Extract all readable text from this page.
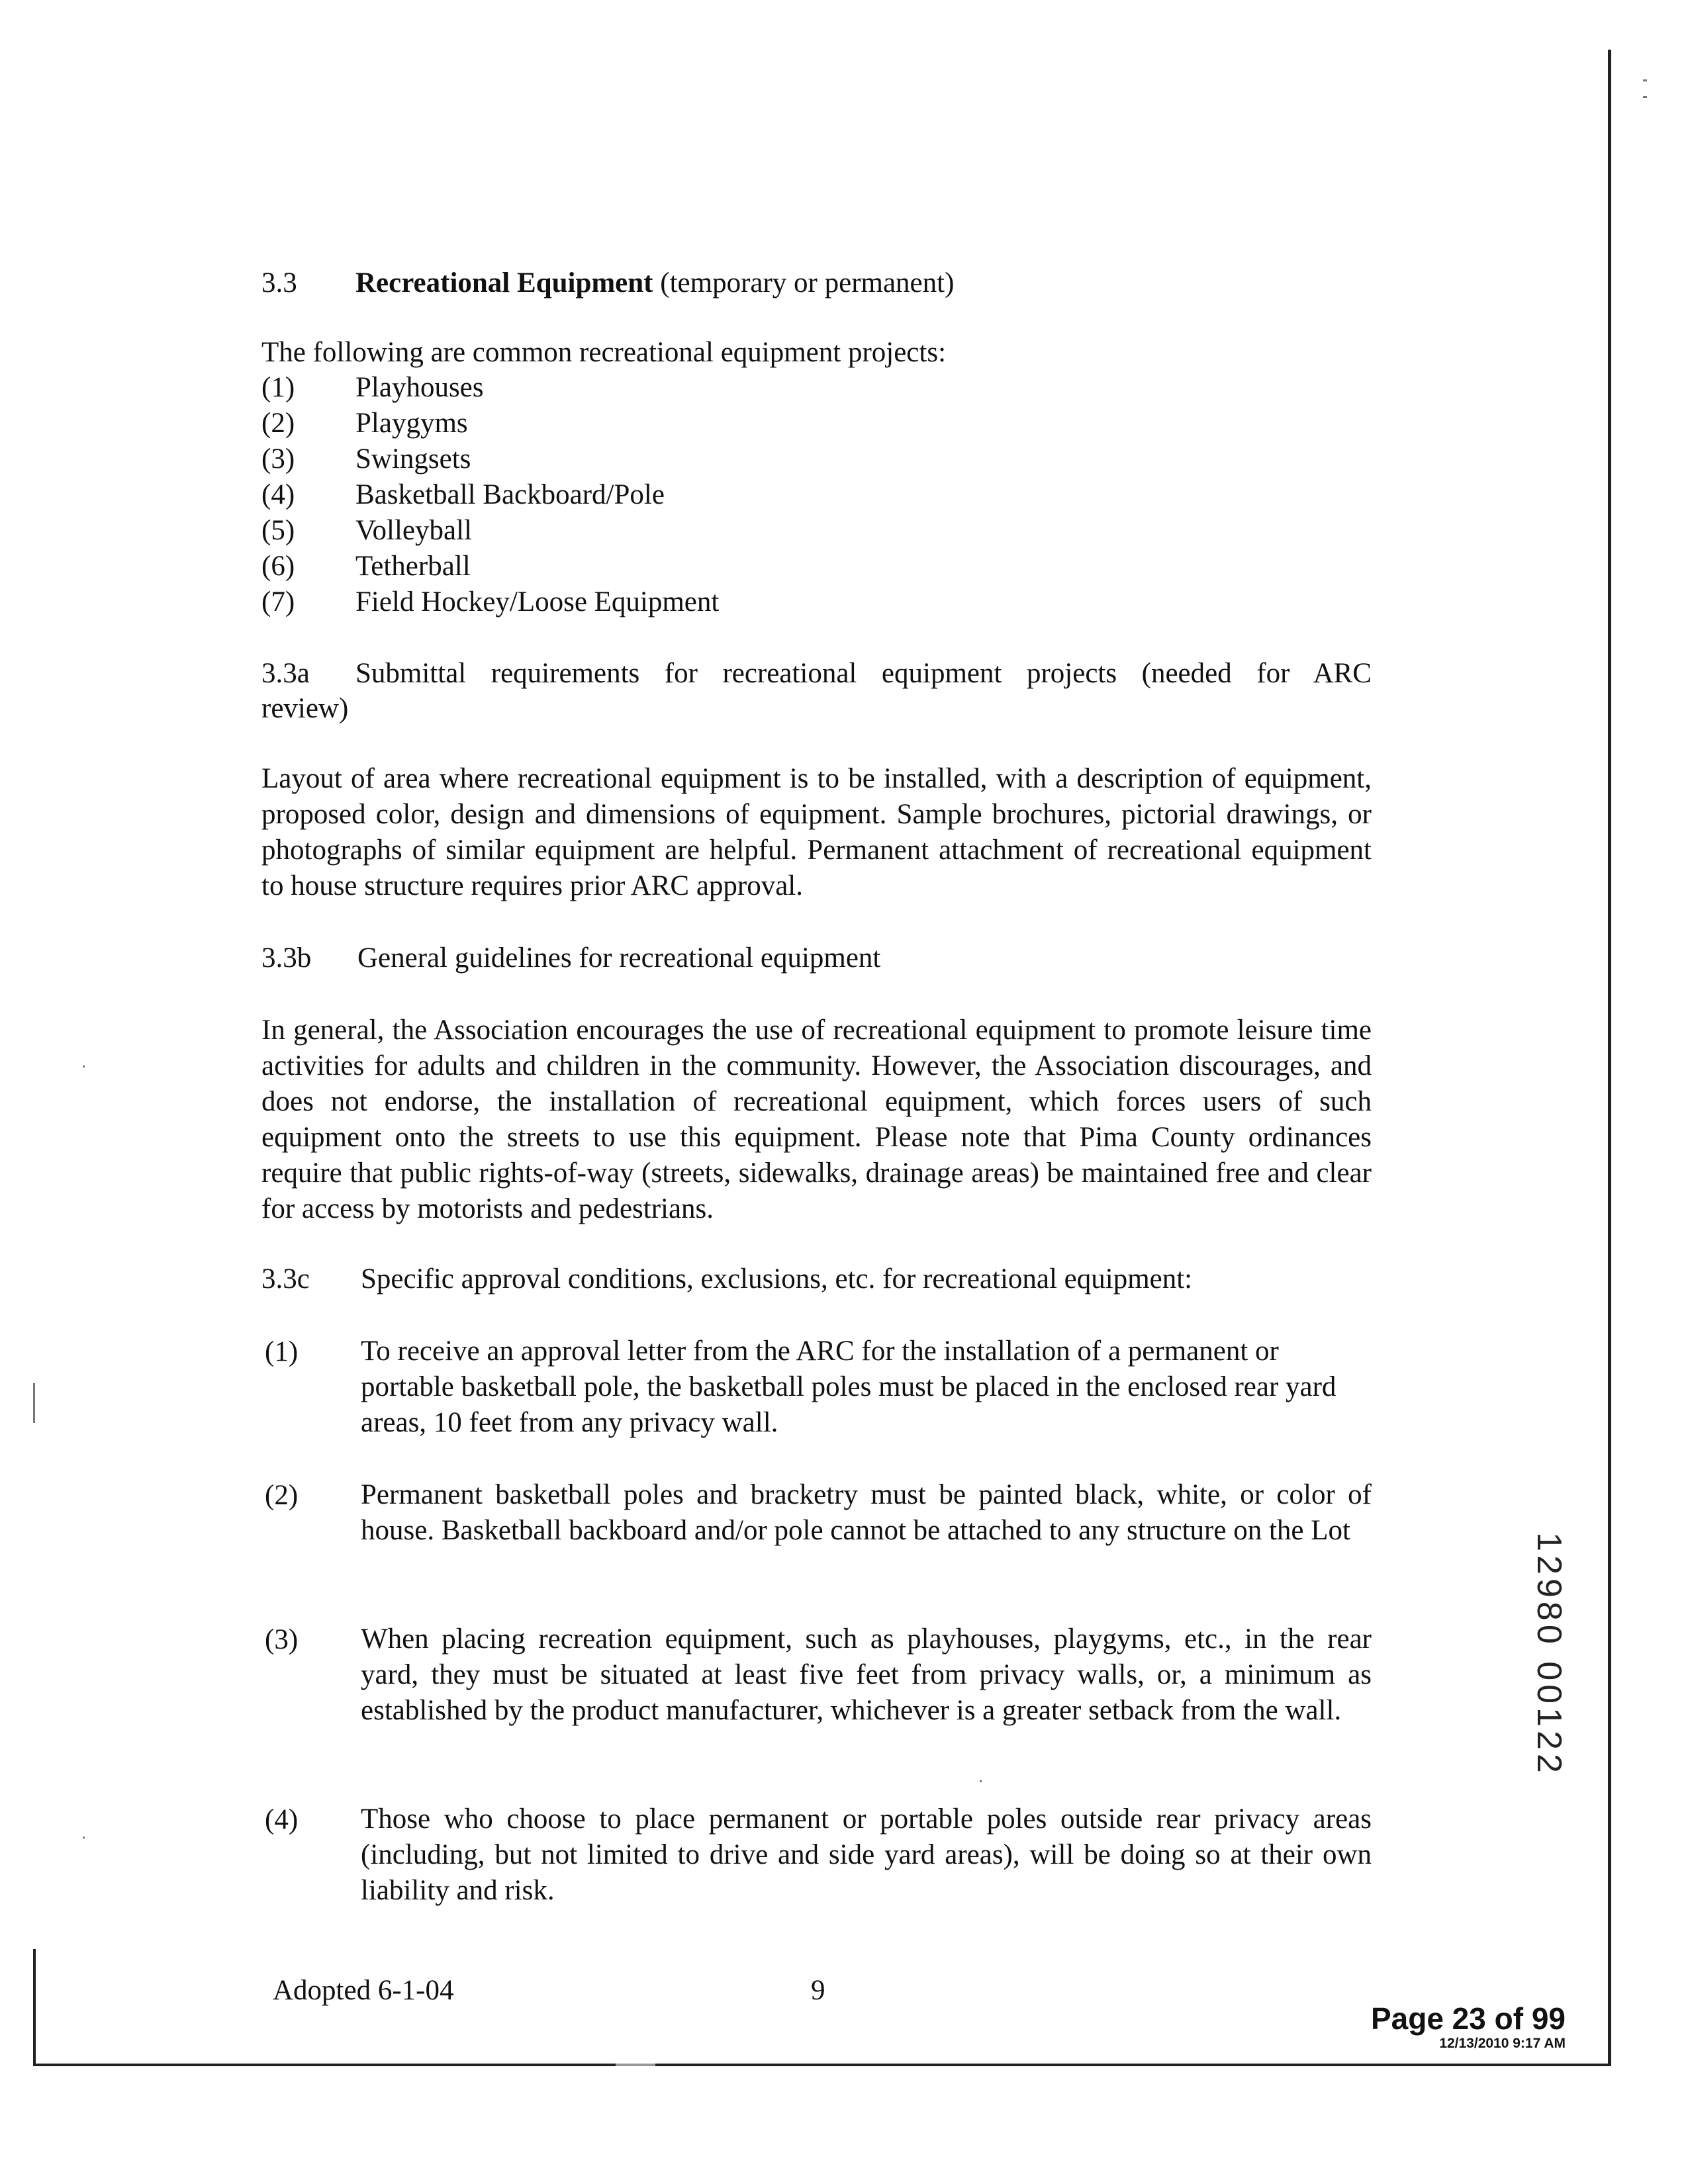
3.3 Recreational Equipment (temporary or permanent)
The following are common recreational equipment projects:
(1) Playhouses
(2) Playgyms
(3) Swingsets
(4) Basketball Backboard/Pole
(5) Volleyball
(6) Tetherball
(7) Field Hockey/Loose Equipment
3.3a Submittal requirements for recreational equipment projects (needed for ARC
review)
Layout of area where recreational equipment is to be installed, with a description of equipment, proposed color, design and dimensions of equipment. Sample brochures, pictorial drawings, or photographs of similar equipment are helpful. Permanent attachment of recreational equipment to house structure requires prior ARC approval.
3.3b General guidelines for recreational equipment
In general, the Association encourages the use of recreational equipment to promote leisure time activities for adults and children in the community. However, the Association discourages, and does not endorse, the installation of recreational equipment, which forces users of such equipment onto the streets to use this equipment. Please note that Pima County ordinances require that public rights-of-way (streets, sidewalks, drainage areas) be maintained free and clear for access by motorists and pedestrians.
3.3c Specific approval conditions, exclusions, etc. for recreational equipment:
(1) To receive an approval letter from the ARC for the installation of a permanent or portable basketball pole, the basketball poles must be placed in the enclosed rear yard areas, 10 feet from any privacy wall.
(2) Permanent basketball poles and bracketry must be painted black, white, or color of house. Basketball backboard and/or pole cannot be attached to any structure on the Lot
(3) When placing recreation equipment, such as playhouses, playgyms, etc., in the rear yard, they must be situated at least five feet from privacy walls, or, a minimum as established by the product manufacturer, whichever is a greater setback from the wall.
(4) Those who choose to place permanent or portable poles outside rear privacy areas (including, but not limited to drive and side yard areas), will be doing so at their own liability and risk.
Adopted 6-1-04	9
12980 00122
Page 23 of 99
12/13/2010 9:17 AM
